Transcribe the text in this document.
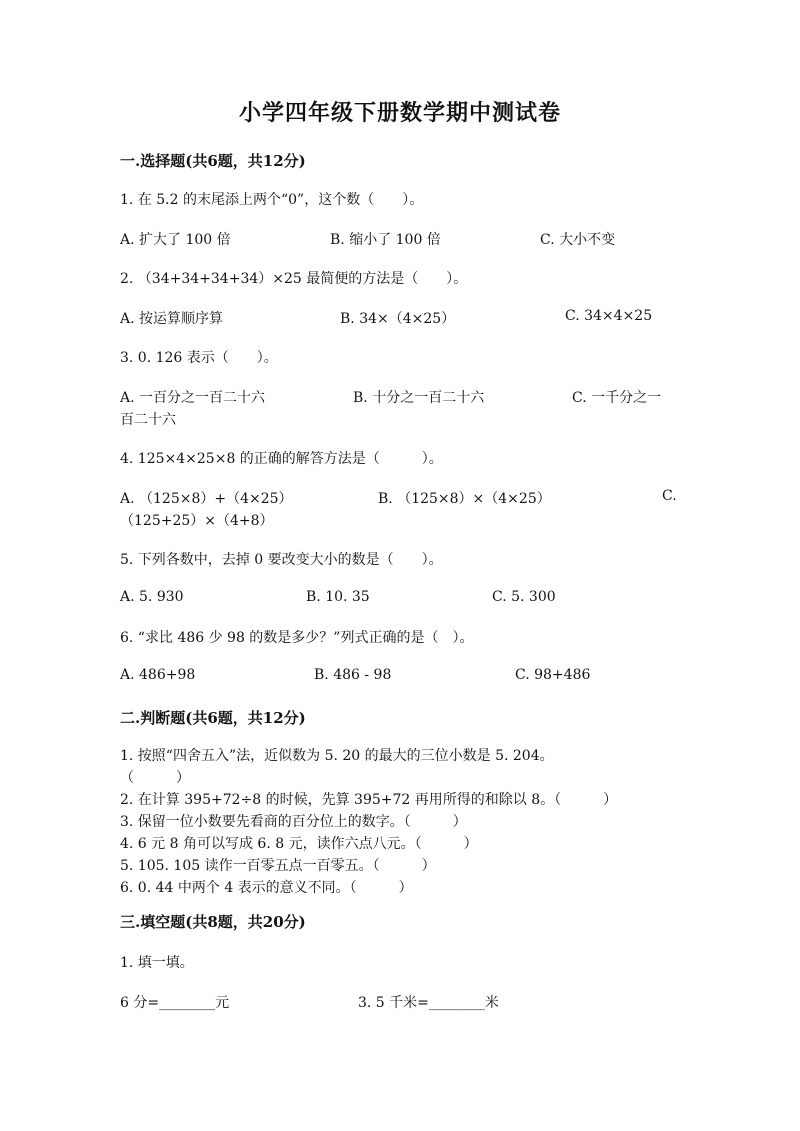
小学四年级下册数学期中测试卷
一.选择题(共6题，共12分)
1. 在 5.2 的末尾添上两个“0”，这个数（　　）。
A. 扩大了 100 倍	B. 缩小了 100 倍	C. 大小不变
2. （34+34+34+34）×25 最简便的方法是（　　）。
A. 按运算顺序算	B. 34×（4×25）	C. 34×4×25
3. 0. 126 表示（　　）。
A. 一百分之一百二十六	B. 十分之一百二十六	C. 一千分之一
百二十六
4. 125×4×25×8 的正确的解答方法是（　　　）。
A. （125×8）+（4×25）	B. （125×8）×（4×25）	C.
（125+25）×（4+8）
5. 下列各数中，去掉 0 要改变大小的数是（　　）。
A. 5. 930	B. 10. 35	C. 5. 300
6. “求比 486 少 98 的数是多少？”列式正确的是（　）。
A. 486+98	B. 486 - 98	C. 98+486
二.判断题(共6题，共12分)
1. 按照“四舍五入”法，近似数为 5. 20 的最大的三位小数是 5. 204。
（　　　）
2. 在计算 395+72÷8 的时候，先算 395+72 再用所得的和除以 8。（　　　）
3. 保留一位小数要先看商的百分位上的数字。（　　　）
4. 6 元 8 角可以写成 6. 8 元，读作六点八元。（　　　）
5. 105. 105 读作一百零五点一百零五。（　　　）
6. 0. 44 中两个 4 表示的意义不同。（　　　）
三.填空题(共8题，共20分)
1. 填一填。
6 分=________元	3. 5 千米=________米
